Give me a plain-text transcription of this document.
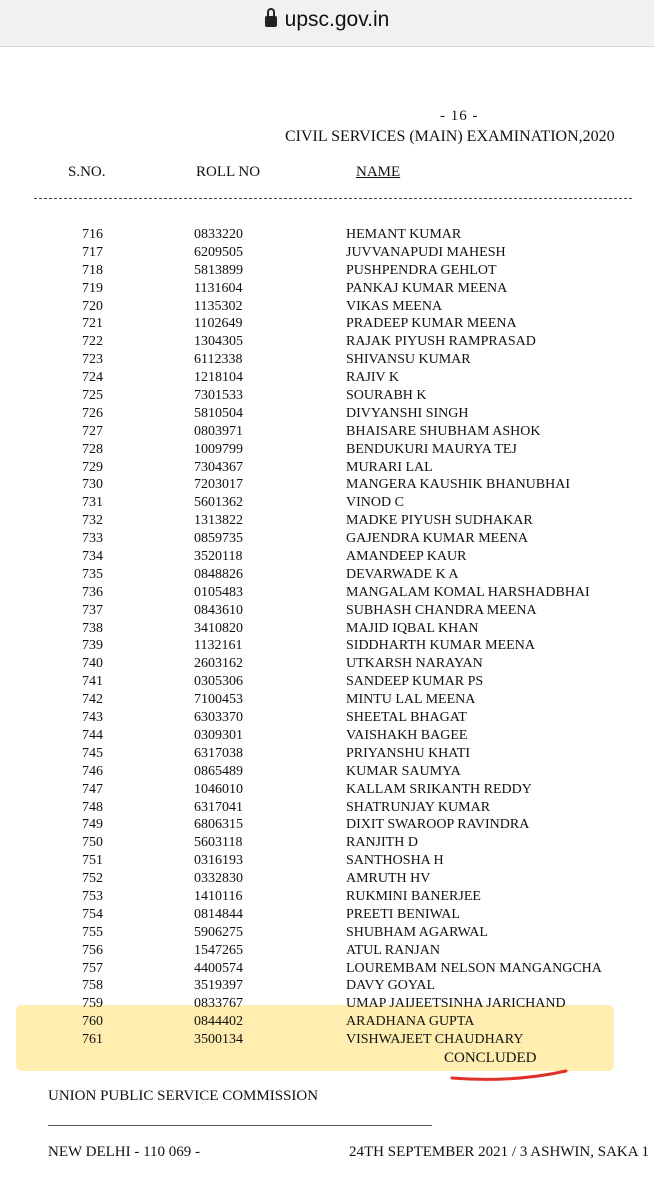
upsc.gov.in
- 16 -
CIVIL SERVICES (MAIN) EXAMINATION,2020
S.NO.	ROLL NO	NAME
716	0833220	HEMANT KUMAR
717	6209505	JUVVANAPUDI MAHESH
718	5813899	PUSHPENDRA GEHLOT
719	1131604	PANKAJ KUMAR MEENA
720	1135302	VIKAS MEENA
721	1102649	PRADEEP KUMAR MEENA
722	1304305	RAJAK PIYUSH RAMPRASAD
723	6112338	SHIVANSU KUMAR
724	1218104	RAJIV K
725	7301533	SOURABH K
726	5810504	DIVYANSHI SINGH
727	0803971	BHAISARE SHUBHAM ASHOK
728	1009799	BENDUKURI MAURYA TEJ
729	7304367	MURARI LAL
730	7203017	MANGERA KAUSHIK BHANUBHAI
731	5601362	VINOD C
732	1313822	MADKE PIYUSH SUDHAKAR
733	0859735	GAJENDRA KUMAR MEENA
734	3520118	AMANDEEP KAUR
735	0848826	DEVARWADE K A
736	0105483	MANGALAM KOMAL HARSHADBHAI
737	0843610	SUBHASH CHANDRA MEENA
738	3410820	MAJID IQBAL KHAN
739	1132161	SIDDHARTH KUMAR MEENA
740	2603162	UTKARSH NARAYAN
741	0305306	SANDEEP KUMAR PS
742	7100453	MINTU LAL MEENA
743	6303370	SHEETAL BHAGAT
744	0309301	VAISHAKH BAGEE
745	6317038	PRIYANSHU KHATI
746	0865489	KUMAR SAUMYA
747	1046010	KALLAM SRIKANTH REDDY
748	6317041	SHATRUNJAY KUMAR
749	6806315	DIXIT SWAROOP RAVINDRA
750	5603118	RANJITH D
751	0316193	SANTHOSHA H
752	0332830	AMRUTH HV
753	1410116	RUKMINI BANERJEE
754	0814844	PREETI BENIWAL
755	5906275	SHUBHAM AGARWAL
756	1547265	ATUL RANJAN
757	4400574	LOUREMBAM NELSON MANGANGCHA
758	3519397	DAVY GOYAL
759	0833767	UMAP JAIJEETSINHA JARICHAND
760	0844402	ARADHANA GUPTA
761	3500134	VISHWAJEET CHAUDHARY
CONCLUDED
UNION PUBLIC SERVICE COMMISSION
NEW DELHI - 110 069 -	24TH SEPTEMBER 2021 / 3 ASHWIN, SAKA 1
